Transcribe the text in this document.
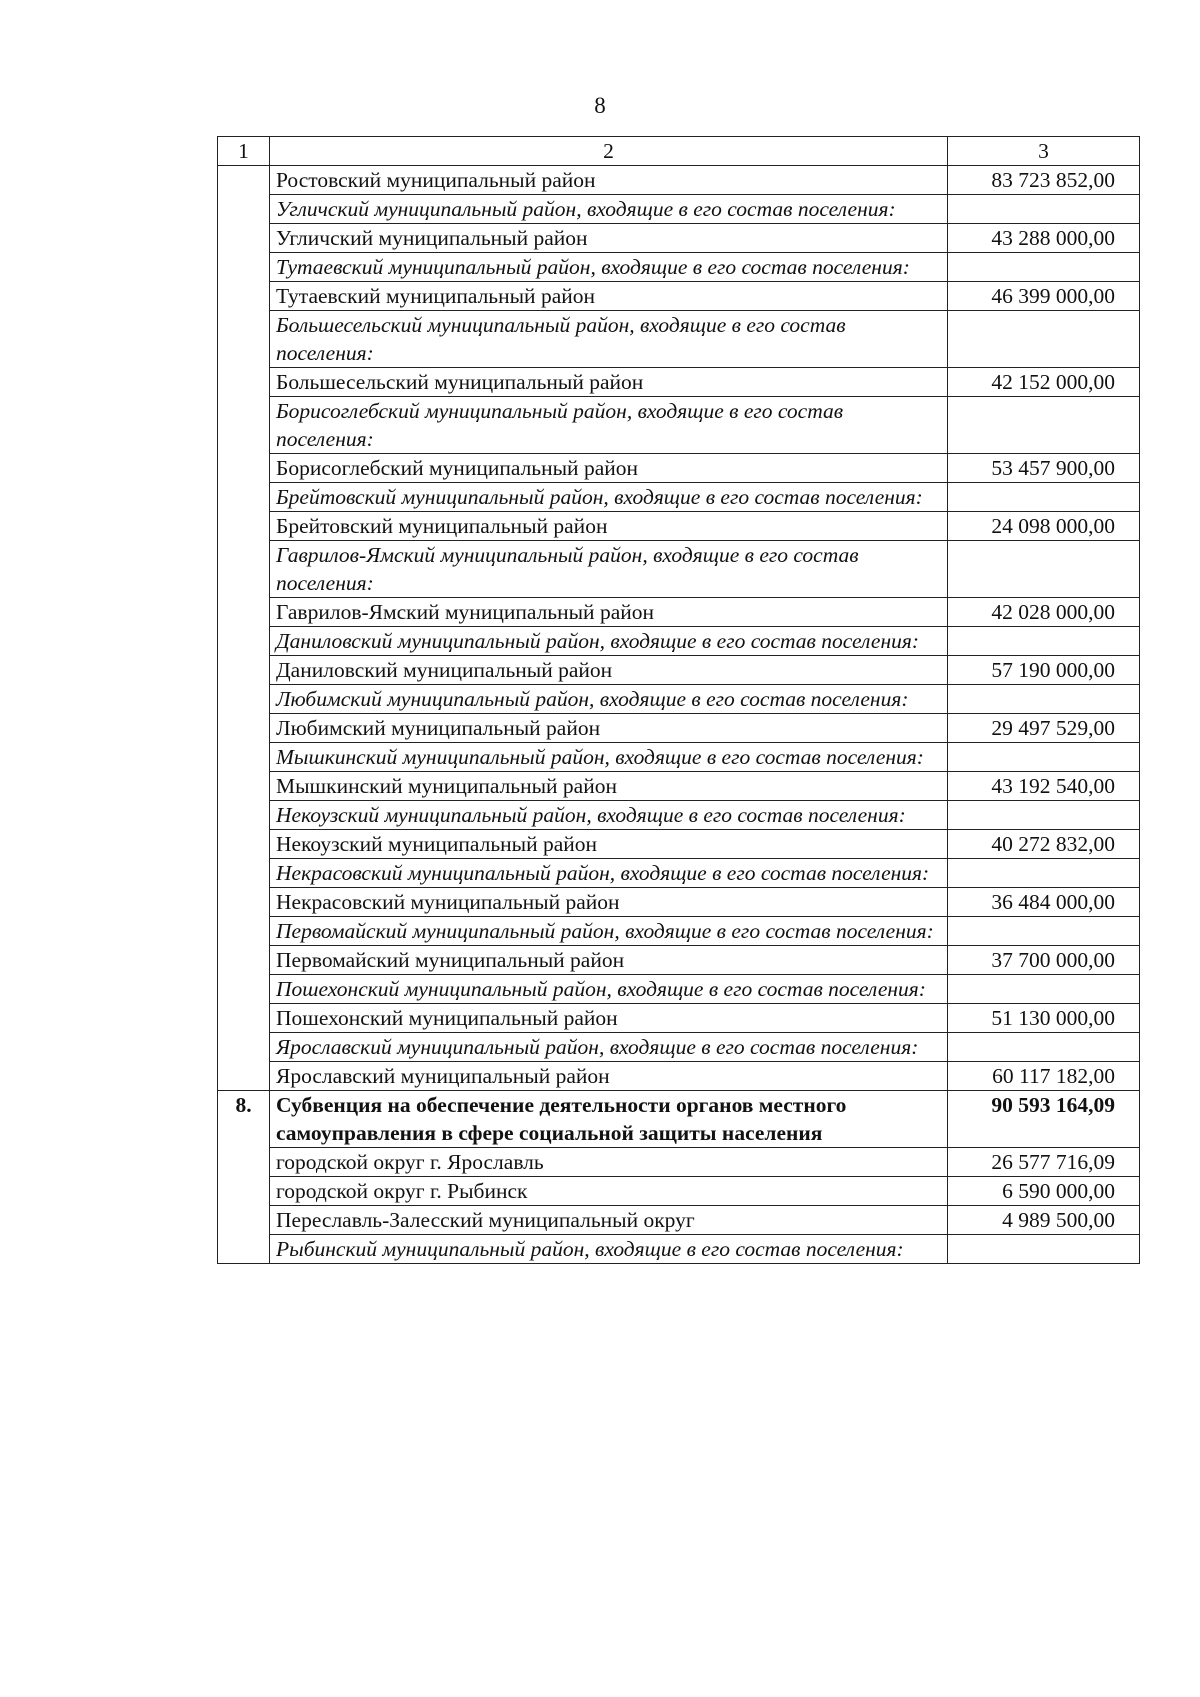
8
1	2	3
	Ростовский муниципальный район	83 723 852,00
	Угличский муниципальный район, входящие в его состав поселения:	
	Угличский муниципальный район	43 288 000,00
	Тутаевский муниципальный район, входящие в его состав поселения:	
	Тутаевский муниципальный район	46 399 000,00
	Большесельский муниципальный район, входящие в его состав поселения:	
	Большесельский муниципальный район	42 152 000,00
	Борисоглебский муниципальный район, входящие в его состав поселения:	
	Борисоглебский муниципальный район	53 457 900,00
	Брейтовский муниципальный район, входящие в его состав поселения:	
	Брейтовский муниципальный район	24 098 000,00
	Гаврилов-Ямский муниципальный район, входящие в его состав поселения:	
	Гаврилов-Ямский муниципальный район	42 028 000,00
	Даниловский муниципальный район, входящие в его состав поселения:	
	Даниловский муниципальный район	57 190 000,00
	Любимский муниципальный район, входящие в его состав поселения:	
	Любимский муниципальный район	29 497 529,00
	Мышкинский муниципальный район, входящие в его состав поселения:	
	Мышкинский муниципальный район	43 192 540,00
	Некоузский муниципальный район, входящие в его состав поселения:	
	Некоузский муниципальный район	40 272 832,00
	Некрасовский муниципальный район, входящие в его состав поселения:	
	Некрасовский муниципальный район	36 484 000,00
	Первомайский муниципальный район, входящие в его состав поселения:	
	Первомайский муниципальный район	37 700 000,00
	Пошехонский муниципальный район, входящие в его состав поселения:	
	Пошехонский муниципальный район	51 130 000,00
	Ярославский муниципальный район, входящие в его состав поселения:	
	Ярославский муниципальный район	60 117 182,00
8.	Субвенция на обеспечение деятельности органов местного самоуправления в сфере социальной защиты населения	90 593 164,09
	городской округ г. Ярославль	26 577 716,09
	городской округ г. Рыбинск	6 590 000,00
	Переславль-Залесский муниципальный округ	4 989 500,00
	Рыбинский муниципальный район, входящие в его состав поселения:	
